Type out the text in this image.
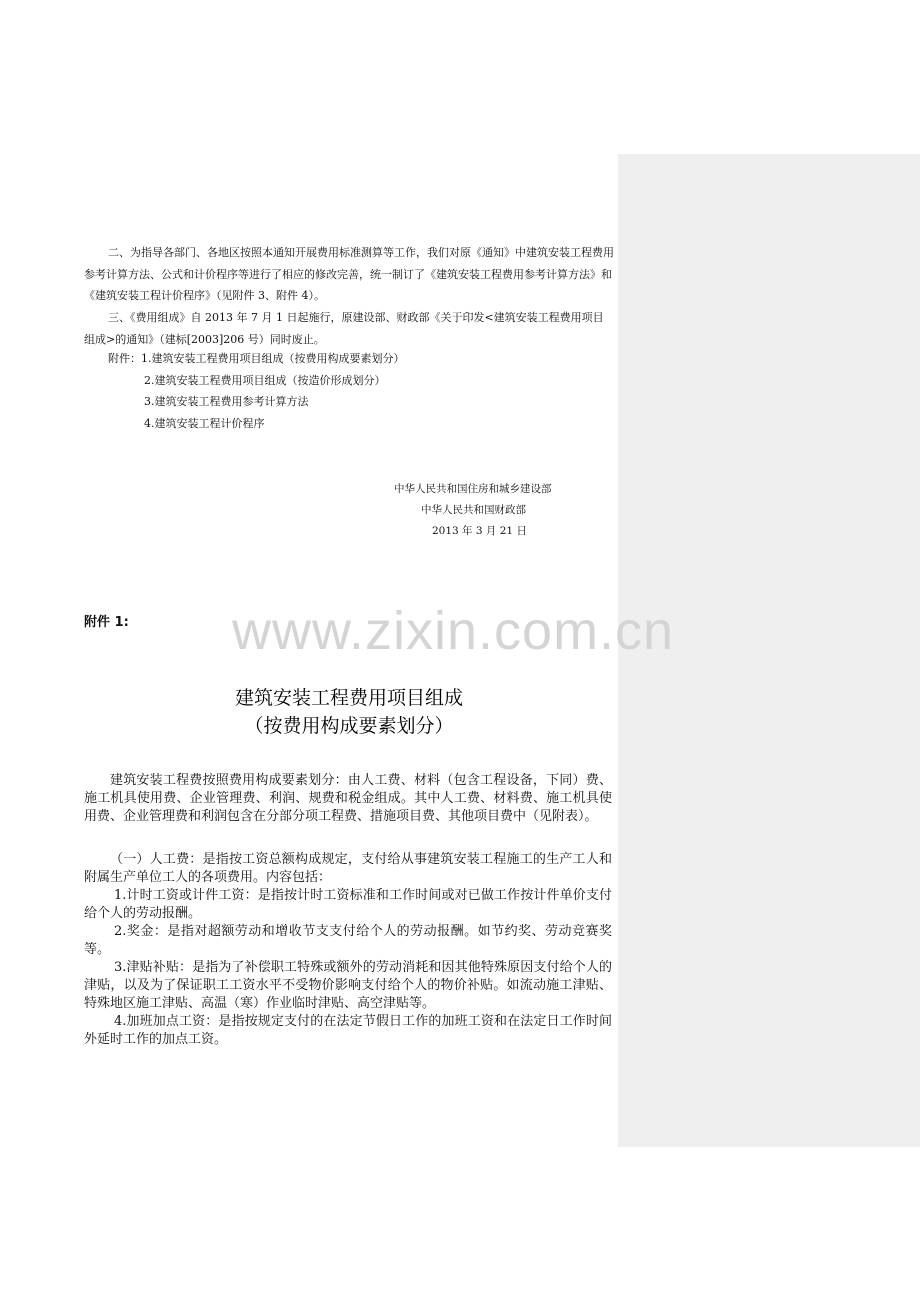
二、为指导各部门、各地区按照本通知开展费用标准测算等工作，我们对原《通知》中建筑安装工程费用参考计算方法、公式和计价程序等进行了相应的修改完善，统一制订了《建筑安装工程费用参考计算方法》和《建筑安装工程计价程序》（见附件 3、附件 4）。

三、《费用组成》自 2013 年 7 月 1 日起施行，原建设部、财政部《关于印发<建筑安装工程费用项目组成>的通知》（建标[2003]206 号）同时废止。

附件：1.建筑安装工程费用项目组成（按费用构成要素划分）
2.建筑安装工程费用项目组成（按造价形成划分）
3.建筑安装工程费用参考计算方法
4.建筑安装工程计价程序
中华人民共和国住房和城乡建设部
中华人民共和国财政部
2013 年 3 月 21 日
附件 1: www.zixin.com.cn
建筑安装工程费用项目组成
（按费用构成要素划分）

建筑安装工程费按照费用构成要素划分：由人工费、材料（包含工程设备，下同）费、施工机具使用费、企业管理费、利润、规费和税金组成。其中人工费、材料费、施工机具使用费、企业管理费和利润包含在分部分项工程费、措施项目费、其他项目费中（见附表）。

（一）人工费：是指按工资总额构成规定，支付给从事建筑安装工程施工的生产工人和附属生产单位工人的各项费用。内容包括：

1.计时工资或计件工资：是指按计时工资标准和工作时间或对已做工作按计件单价支付给个人的劳动报酬。

2.奖金：是指对超额劳动和增收节支支付给个人的劳动报酬。如节约奖、劳动竞赛奖等。

3.津贴补贴：是指为了补偿职工特殊或额外的劳动消耗和因其他特殊原因支付给个人的津贴，以及为了保证职工工资水平不受物价影响支付给个人的物价补贴。如流动施工津贴、特殊地区施工津贴、高温（寒）作业临时津贴、高空津贴等。

4.加班加点工资：是指按规定支付的在法定节假日工作的加班工资和在法定日工作时间外延时工作的加点工资。
